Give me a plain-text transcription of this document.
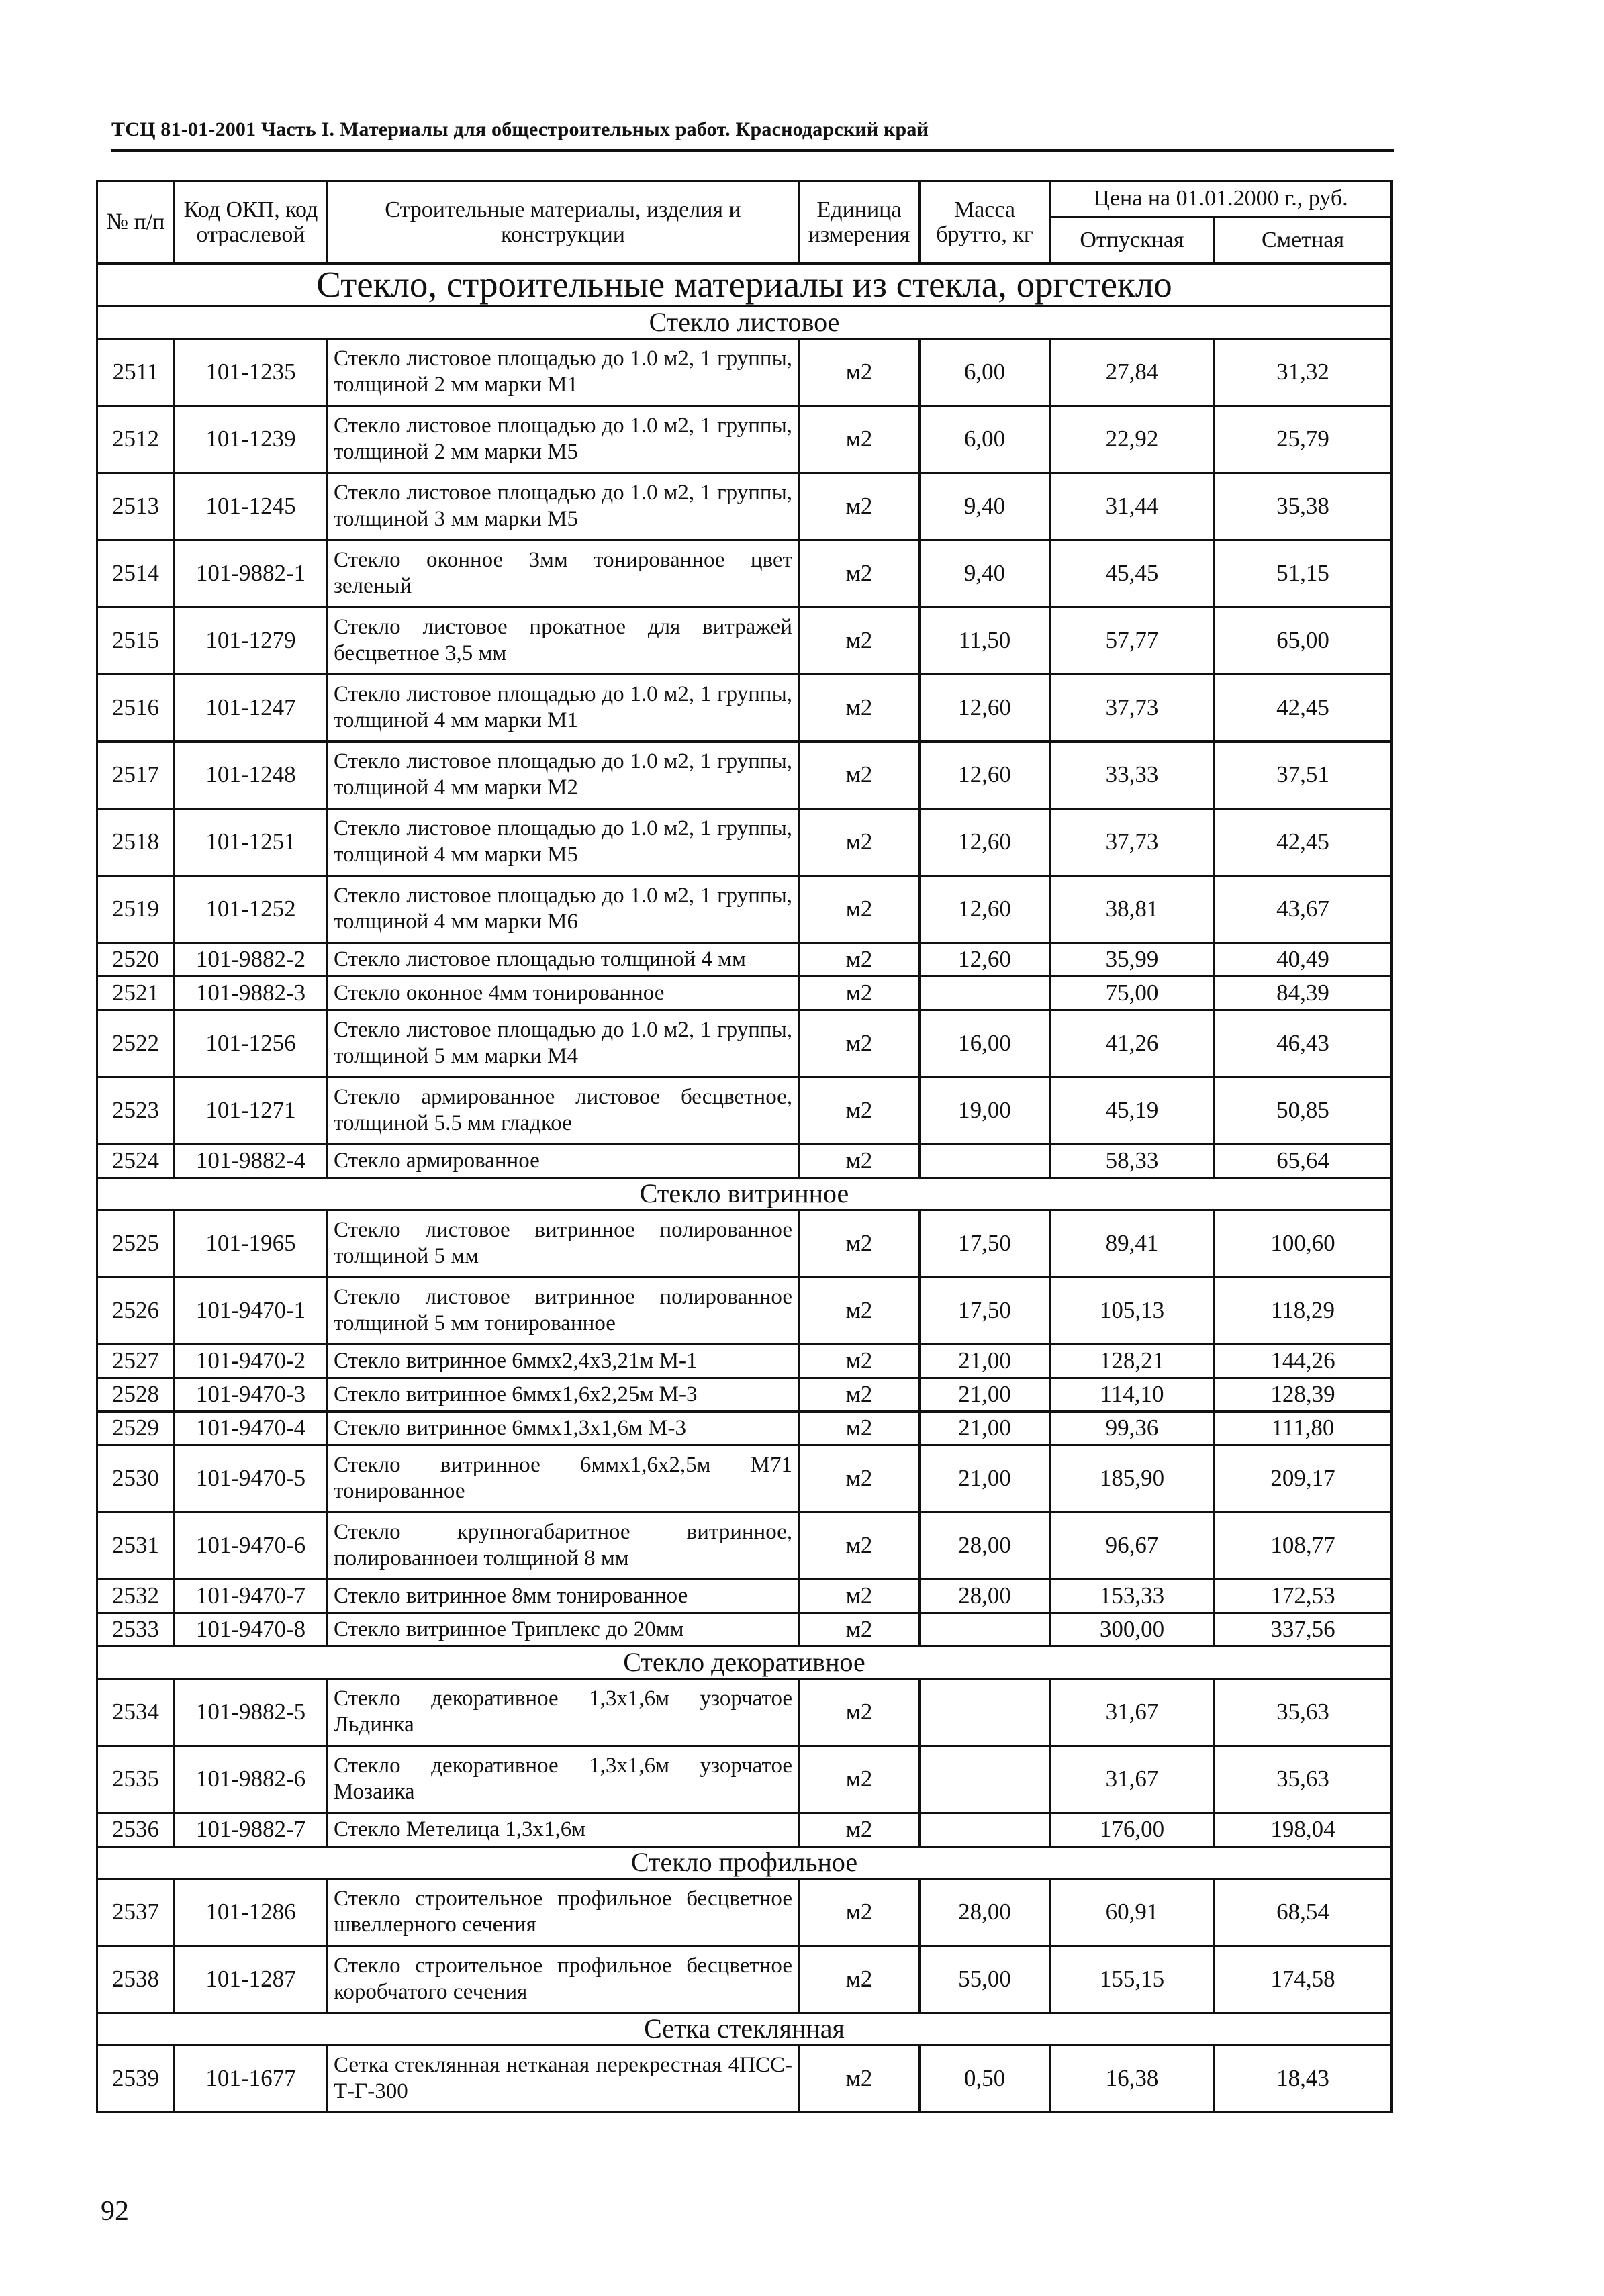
ТСЦ 81-01-2001 Часть I. Материалы для общестроительных работ. Краснодарский край
№ п/п	Код ОКП, код отраслевой	Строительные материалы, изделия и конструкции	Единица измерения	Масса брутто, кг	Цена на 01.01.2000 г., руб.	
					Отпускная	Сметная
Стекло, строительные материалы из стекла, оргстекло						
Стекло листовое						
2511	101-1235	Стекло листовое площадью до 1.0 м2, 1 группы, толщиной 2 мм марки М1	м2	6,00	27,84	31,32
2512	101-1239	Стекло листовое площадью до 1.0 м2, 1 группы, толщиной 2 мм марки М5	м2	6,00	22,92	25,79
2513	101-1245	Стекло листовое площадью до 1.0 м2, 1 группы, толщиной 3 мм марки М5	м2	9,40	31,44	35,38
2514	101-9882-1	Стекло оконное 3мм тонированное цвет зеленый	м2	9,40	45,45	51,15
2515	101-1279	Стекло листовое прокатное для витражей бесцветное 3,5 мм	м2	11,50	57,77	65,00
2516	101-1247	Стекло листовое площадью до 1.0 м2, 1 группы, толщиной 4 мм марки М1	м2	12,60	37,73	42,45
2517	101-1248	Стекло листовое площадью до 1.0 м2, 1 группы, толщиной 4 мм марки М2	м2	12,60	33,33	37,51
2518	101-1251	Стекло листовое площадью до 1.0 м2, 1 группы, толщиной 4 мм марки М5	м2	12,60	37,73	42,45
2519	101-1252	Стекло листовое площадью до 1.0 м2, 1 группы, толщиной 4 мм марки М6	м2	12,60	38,81	43,67
2520	101-9882-2	Стекло листовое площадью толщиной 4 мм	м2	12,60	35,99	40,49
2521	101-9882-3	Стекло оконное 4мм тонированное	м2		75,00	84,39
2522	101-1256	Стекло листовое площадью до 1.0 м2, 1 группы, толщиной 5 мм марки М4	м2	16,00	41,26	46,43
2523	101-1271	Стекло армированное листовое бесцветное, толщиной 5.5 мм гладкое	м2	19,00	45,19	50,85
2524	101-9882-4	Стекло армированное	м2		58,33	65,64
Стекло витринное						
2525	101-1965	Стекло листовое витринное полированное толщиной 5 мм	м2	17,50	89,41	100,60
2526	101-9470-1	Стекло листовое витринное полированное толщиной 5 мм тонированное	м2	17,50	105,13	118,29
2527	101-9470-2	Стекло витринное 6ммх2,4х3,21м М-1	м2	21,00	128,21	144,26
2528	101-9470-3	Стекло витринное 6ммх1,6х2,25м М-3	м2	21,00	114,10	128,39
2529	101-9470-4	Стекло витринное 6ммх1,3х1,6м М-3	м2	21,00	99,36	111,80
2530	101-9470-5	Стекло витринное 6ммх1,6х2,5м М71 тонированное	м2	21,00	185,90	209,17
2531	101-9470-6	Стекло крупногабаритное витринное, полированноеи толщиной 8 мм	м2	28,00	96,67	108,77
2532	101-9470-7	Стекло витринное 8мм тонированное	м2	28,00	153,33	172,53
2533	101-9470-8	Стекло витринное Триплекс до 20мм	м2		300,00	337,56
Стекло декоративное						
2534	101-9882-5	Стекло декоративное 1,3х1,6м узорчатое Льдинка	м2		31,67	35,63
2535	101-9882-6	Стекло декоративное 1,3х1,6м узорчатое Мозаика	м2		31,67	35,63
2536	101-9882-7	Стекло Метелица 1,3х1,6м	м2		176,00	198,04
Стекло профильное						
2537	101-1286	Стекло строительное профильное бесцветное швеллерного сечения	м2	28,00	60,91	68,54
2538	101-1287	Стекло строительное профильное бесцветное коробчатого сечения	м2	55,00	155,15	174,58
Сетка стеклянная						
2539	101-1677	Сетка стеклянная нетканая перекрестная 4ПСС-Т-Г-300	м2	0,50	16,38	18,43
92
